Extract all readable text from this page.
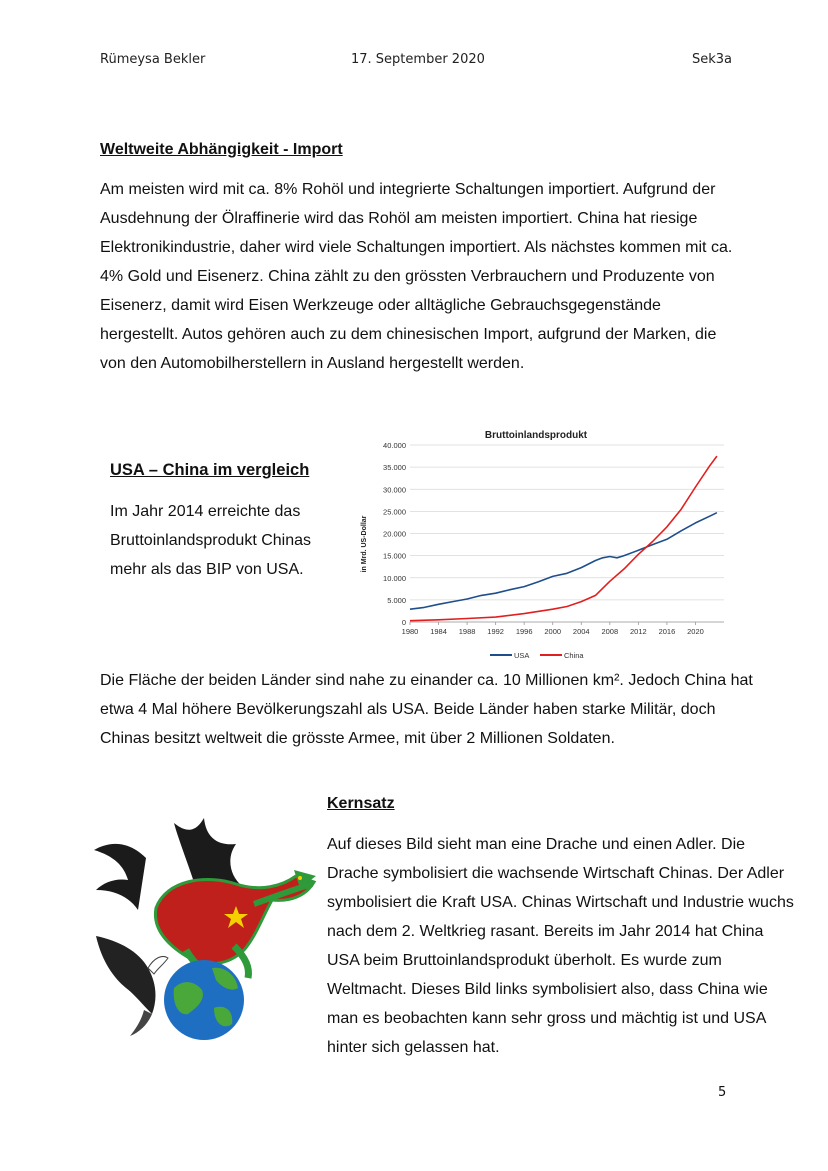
Rümeysa Bekler	17. September 2020	Sek3a
Weltweite Abhängigkeit - Import

Am meisten wird mit ca. 8% Rohöl und integrierte Schaltungen importiert. Aufgrund der Ausdehnung der Ölraffinerie wird das Rohöl am meisten importiert. China hat riesige Elektronikindustrie, daher wird viele Schaltungen importiert. Als nächstes kommen mit ca. 4% Gold und Eisenerz. China zählt zu den grössten Verbrauchern und Produzente von Eisenerz, damit wird Eisen Werkzeuge oder alltägliche Gebrauchsgegenstände hergestellt. Autos gehören auch zu dem chinesischen Import, aufgrund der Marken, die von den Automobilherstellern in Ausland hergestellt werden.

USA – China im vergleich

Im Jahr 2014 erreichte das Bruttoinlandsprodukt Chinas mehr als das BIP von USA.

Bruttoinlandsprodukt
in Mrd. US-Dollar
0
5.000
10.000
15.000
20.000
25.000
30.000
35.000
40.000
1980 1984 1988 1992 1996 2000 2004 2008 2012 2016 2020
USA	China

Die Fläche der beiden Länder sind nahe zu einander ca. 10 Millionen km². Jedoch China hat etwa 4 Mal höhere Bevölkerungszahl als USA. Beide Länder haben starke Militär, doch Chinas besitzt weltweit die grösste Armee, mit über 2 Millionen Soldaten.

Kernsatz

Auf dieses Bild sieht man eine Drache und einen Adler. Die Drache symbolisiert die wachsende Wirtschaft Chinas. Der Adler symbolisiert die Kraft USA. Chinas Wirtschaft und Industrie wuchs nach dem 2. Weltkrieg rasant. Bereits im Jahr 2014 hat China USA beim Bruttoinlandsprodukt überholt. Es wurde zum Weltmacht. Dieses Bild links symbolisiert also, dass China wie man es beobachten kann sehr gross und mächtig ist und USA hinter sich gelassen hat.

5
